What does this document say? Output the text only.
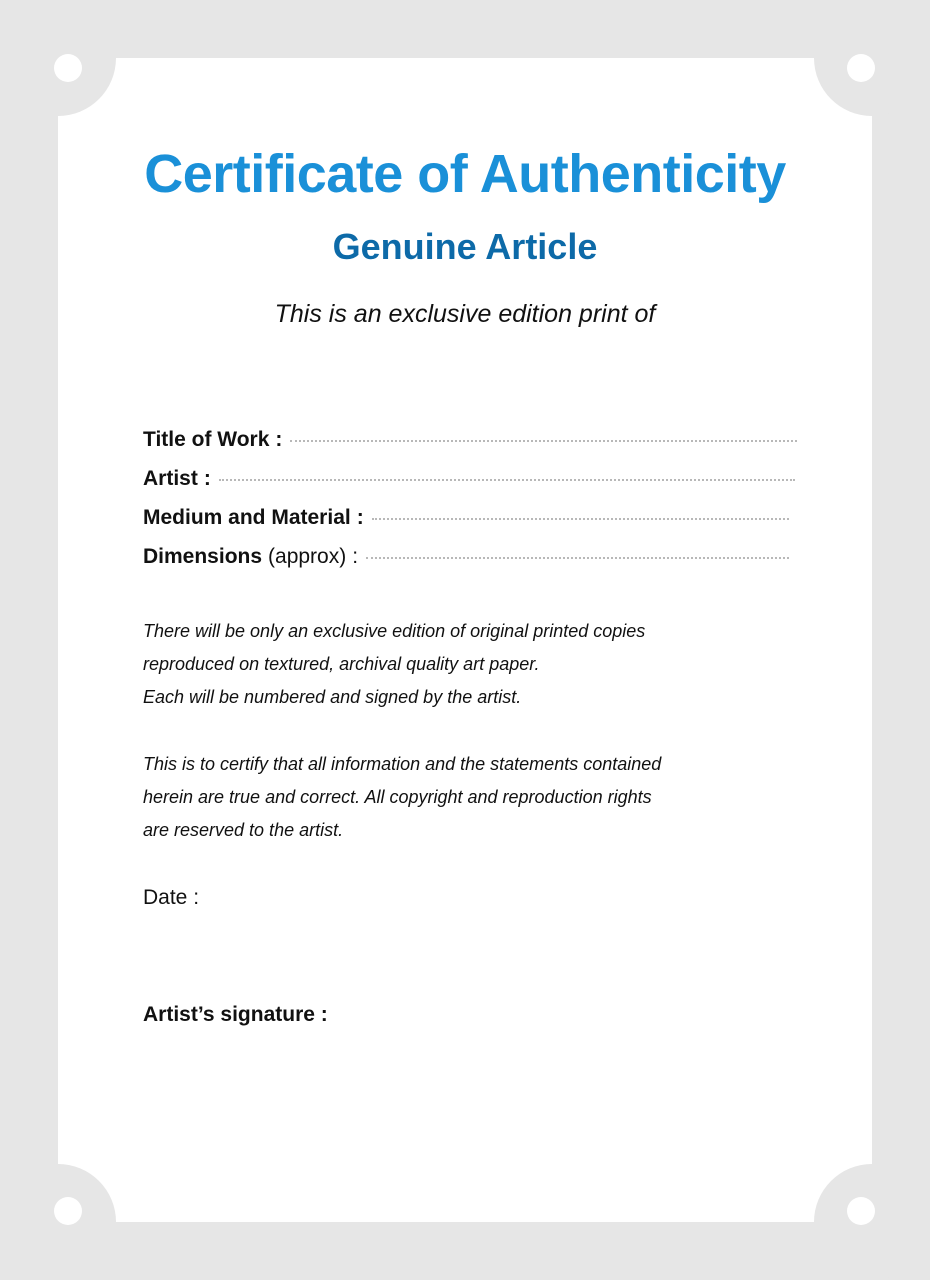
Certificate of Authenticity
Genuine Article

This is an exclusive edition print of

Title of Work :
Artist :
Medium and Material :
Dimensions (approx) :
There will be only an exclusive edition of original printed copies
reproduced on textured, archival quality art paper.
Each will be numbered and signed by the artist.
This is to certify that all information and the statements contained
herein are true and correct. All copyright and reproduction rights
are reserved to the artist.
Date :
Artist’s signature :
